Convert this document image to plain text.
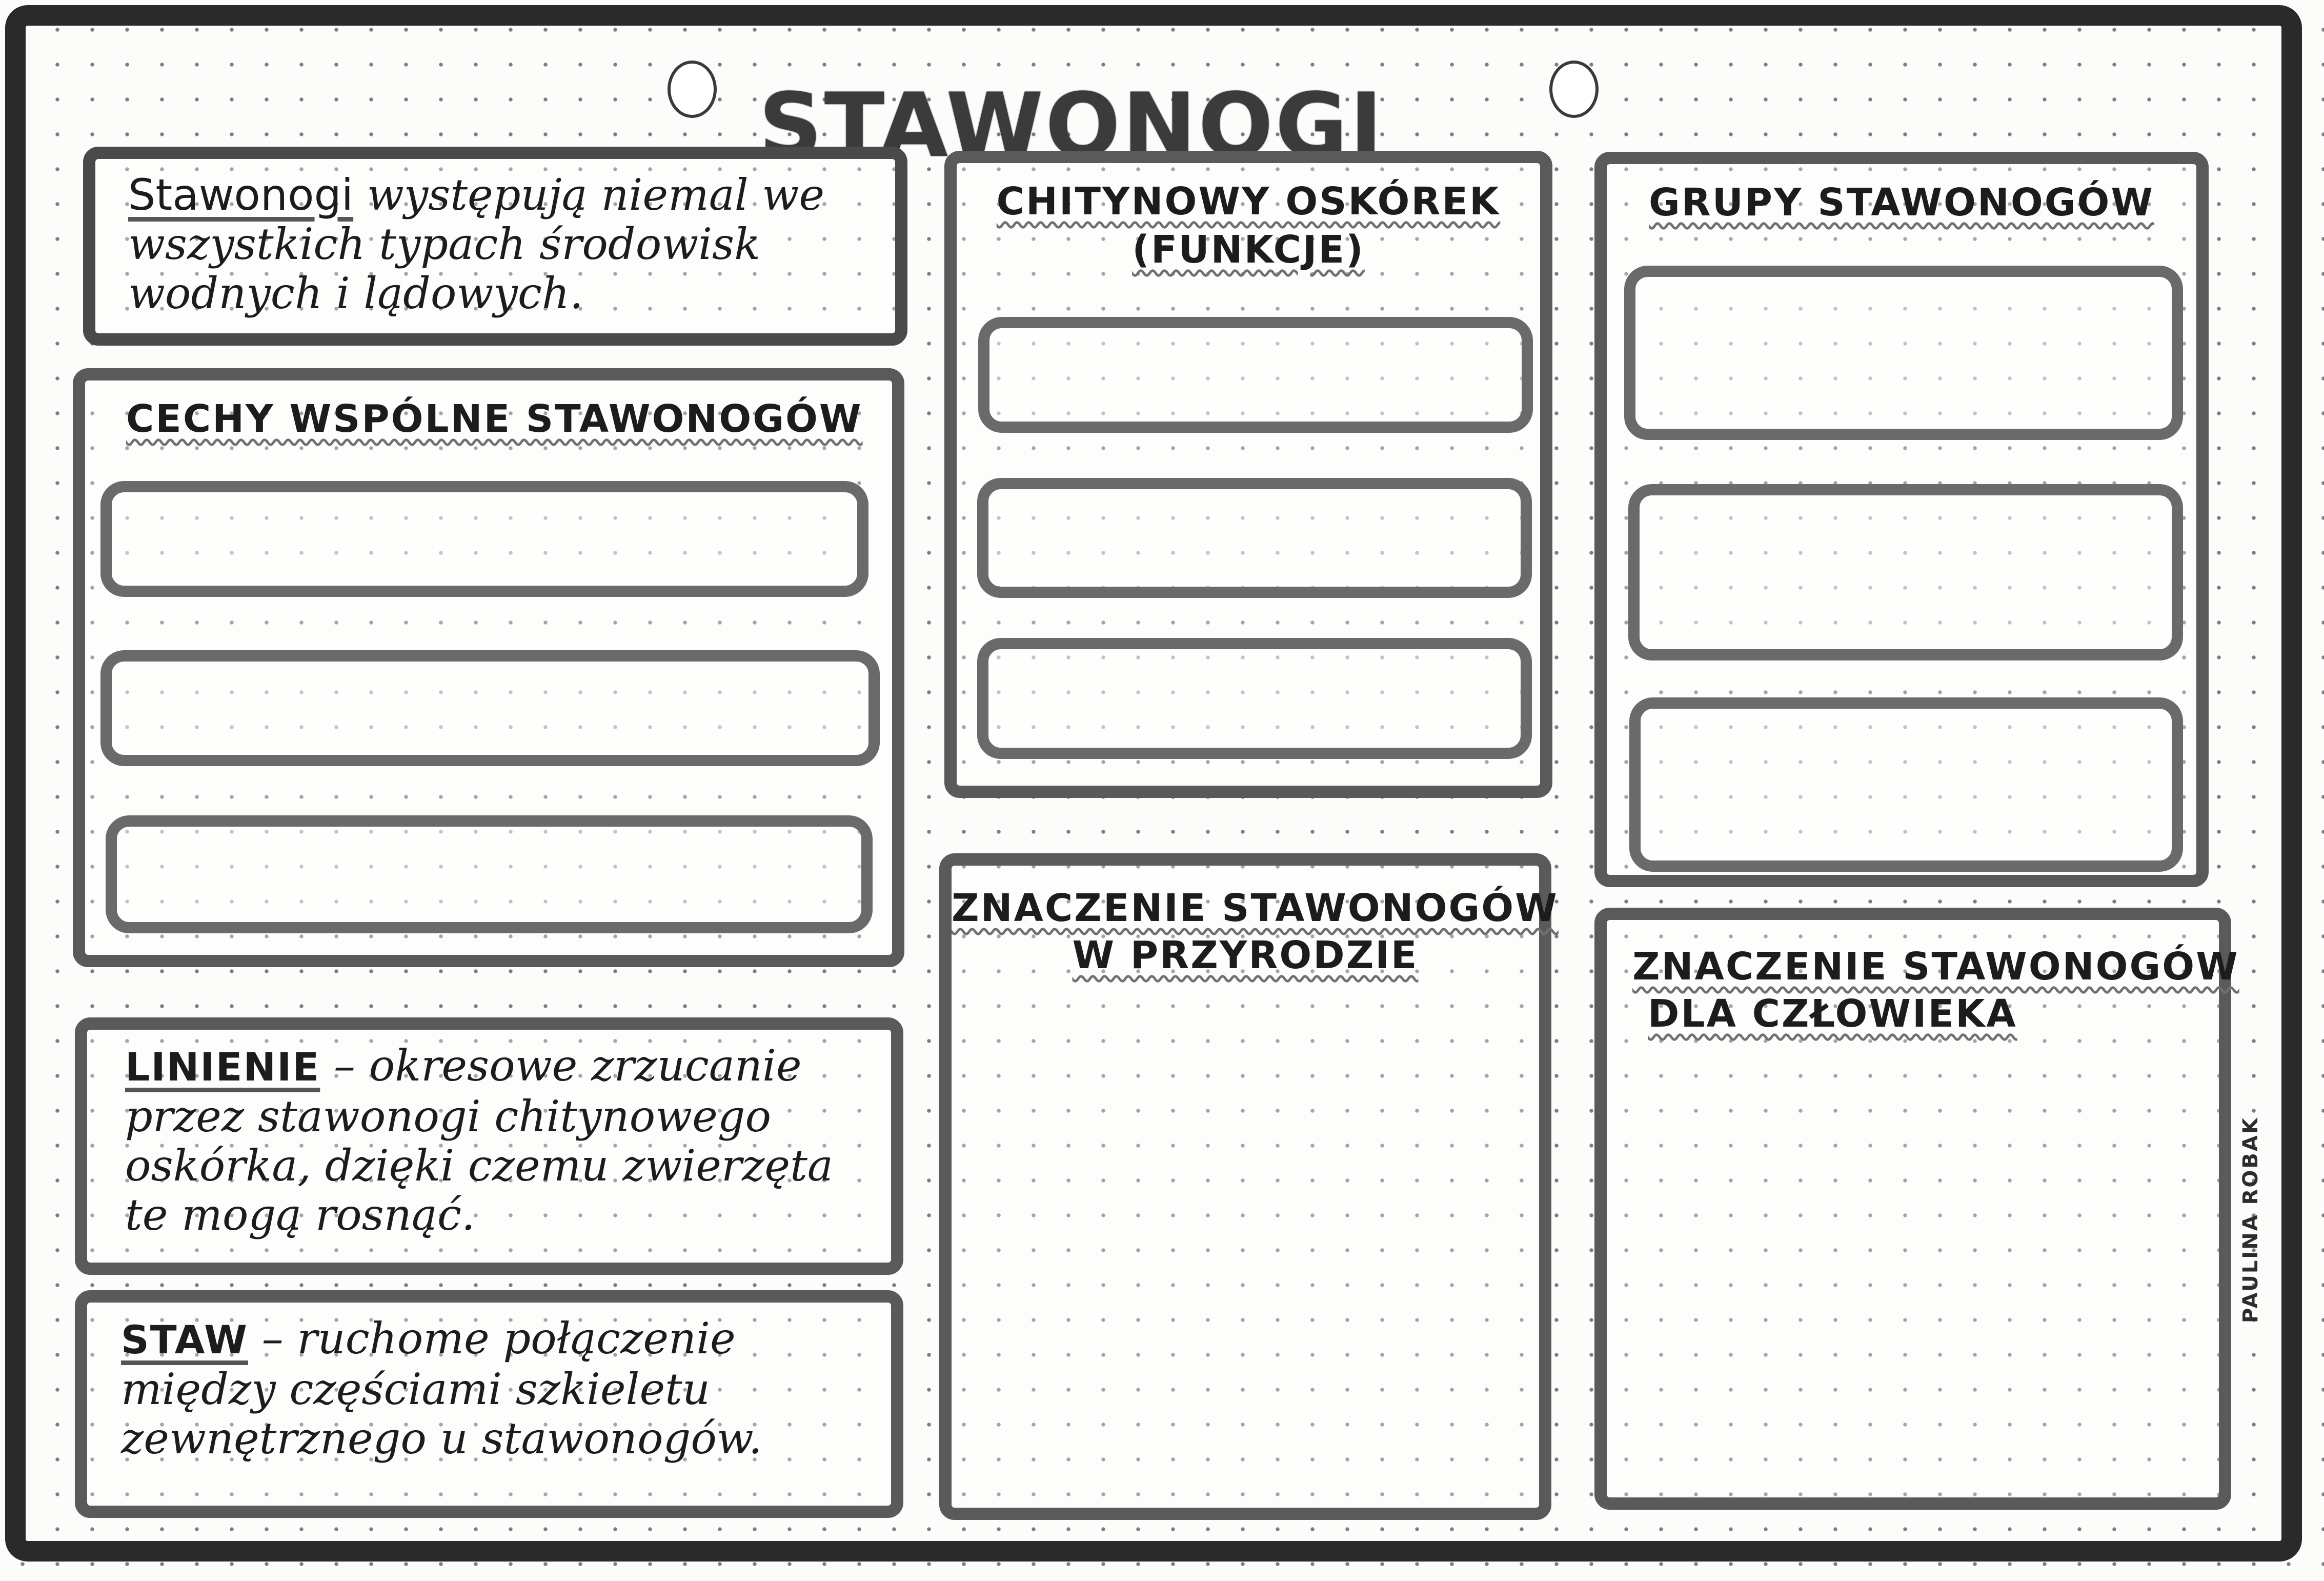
STAWONOGI

Stawonogi występują niemal we wszystkich typach środowisk wodnych i lądowych.

CECHY WSPÓLNE STAWONOGÓW

LINIENIE – okresowe zrzucanie przez stawonogi chitynowego oskórka, dzięki czemu zwierzęta te mogą rosnąć.

STAW – ruchome połączenie między częściami szkieletu zewnętrznego u stawonogów.

CHITYNOWY OSKÓREK
(FUNKCJE)
ZNACZENIE STAWONOGÓW
W PRZYRODZIE
GRUPY STAWONOGÓW
ZNACZENIE STAWONOGÓW
DLA CZŁOWIEKA
PAULINA ROBAK
